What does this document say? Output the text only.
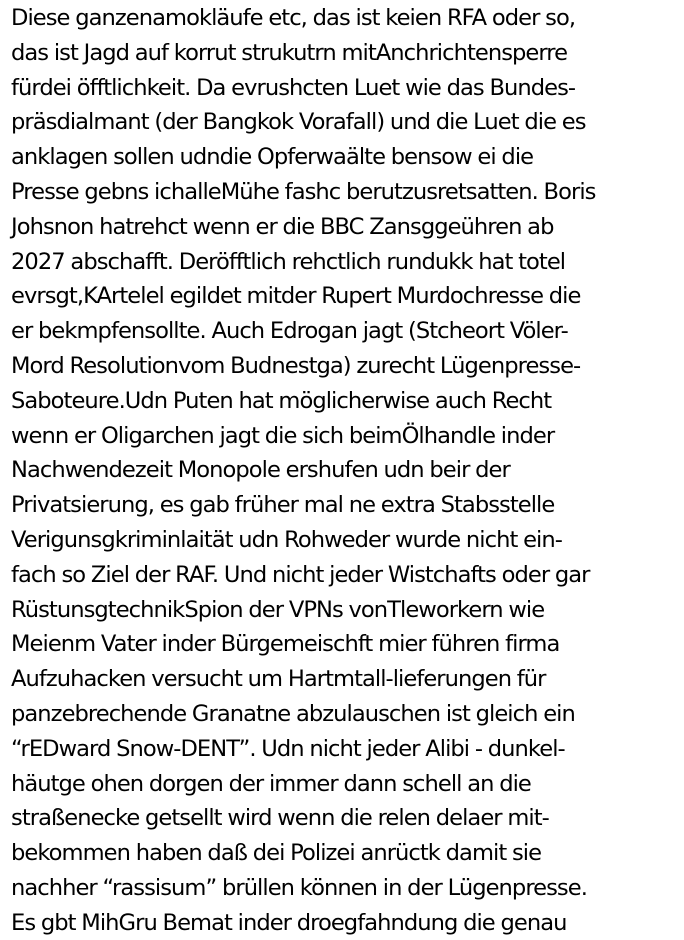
Diese ganzenamokläufe etc, das ist keien RFA oder so,
das ist Jagd auf korrut strukutrn mitAnchrichtensperre
fürdei öfftlichkeit. Da evrushcten Luet wie das Bundes-
präsdialmant (der Bangkok Vorafall) und die Luet die es
anklagen sollen udndie Opferwaälte bensow ei die
Presse gebns ichalleMühe fashc berutzusretsatten. Boris
Johsnon hatrehct wenn er die BBC Zansggeühren ab
2027 abschafft. Deröfftlich rehctlich rundukk hat totel
evrsgt,KArtelel egildet mitder Rupert Murdochresse die
er bekmpfensollte. Auch Edrogan jagt (Stcheort Völer-
Mord Resolutionvom Budnestga) zurecht Lügenpresse-
Saboteure.Udn Puten hat möglicherwise auch Recht
wenn er Oligarchen jagt die sich beimÖlhandle inder
Nachwendezeit Monopole ershufen udn beir der
Privatsierung, es gab früher mal ne extra Stabsstelle
Verigunsgkriminlaität udn Rohweder wurde nicht ein-
fach so Ziel der RAF. Und nicht jeder Wistchafts oder gar
RüstunsgtechnikSpion der VPNs vonTleworkern wie
Meienm Vater inder Bürgemeischft mier führen firma
Aufzuhacken versucht um Hartmtall-lieferungen für
panzebrechende Granatne abzulauschen ist gleich ein
“rEDward Snow-DENT”. Udn nicht jeder Alibi - dunkel-
häutge ohen dorgen der immer dann schell an die
straßenecke getsellt wird wenn die relen delaer mit-
bekommen haben daß dei Polizei anrüctk damit sie
nachher “rassisum” brüllen können in der Lügenpresse.
Es gbt MihGru Bemat inder droegfahndung die genau
